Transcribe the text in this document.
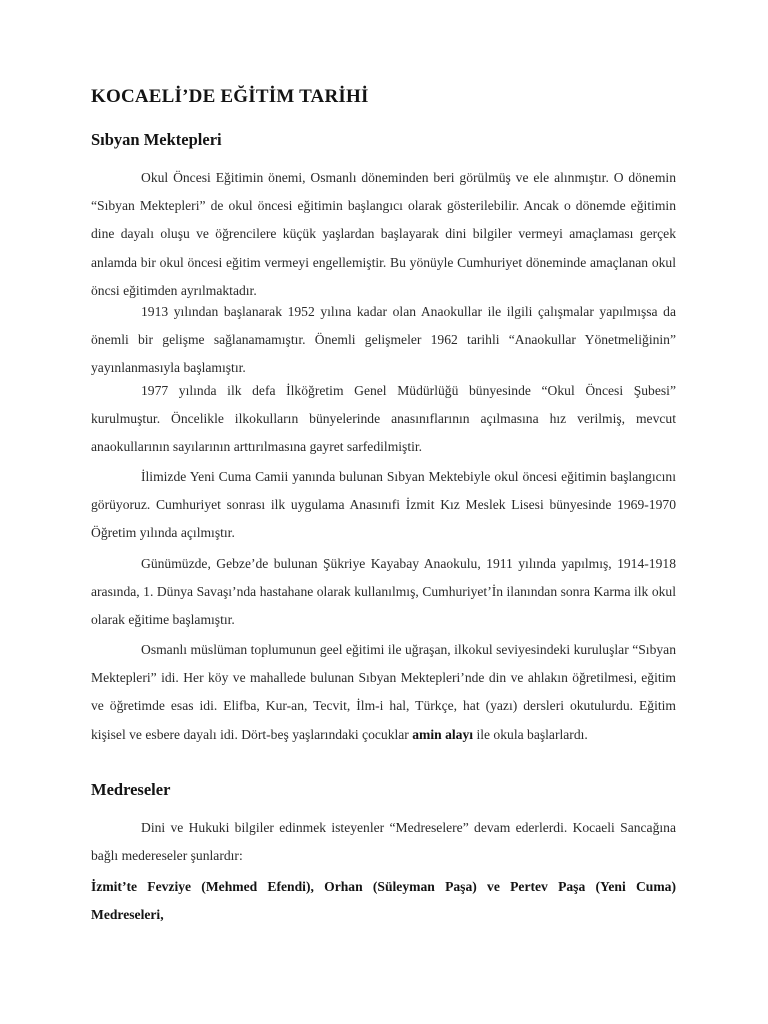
KOCAELİ’DE EĞİTİM TARİHİ
Sıbyan Mektepleri

Okul Öncesi Eğitimin önemi, Osmanlı döneminden beri görülmüş ve ele alınmıştır. O dönemin “Sıbyan Mektepleri” de okul öncesi eğitimin başlangıcı olarak gösterilebilir. Ancak o dönemde eğitimin dine dayalı oluşu ve öğrencilere küçük yaşlardan başlayarak dini bilgiler vermeyi amaçlaması gerçek anlamda bir okul öncesi eğitim vermeyi engellemiştir. Bu yönüyle Cumhuriyet döneminde amaçlanan okul öncsi eğitimden ayrılmaktadır.

1913 yılından başlanarak 1952 yılına kadar olan Anaokullar ile ilgili çalışmalar yapılmışsa da önemli bir gelişme sağlanamamıştır. Önemli gelişmeler 1962 tarihli “Anaokullar Yönetmeliğinin” yayınlanmasıyla başlamıştır.

1977 yılında ilk defa İlköğretim Genel Müdürlüğü bünyesinde “Okul Öncesi Şubesi” kurulmuştur. Öncelikle ilkokulların bünyelerinde anasınıflarının açılmasına hız verilmiş, mevcut anaokullarının sayılarının arttırılmasına gayret sarfedilmiştir.

İlimizde Yeni Cuma Camii yanında bulunan Sıbyan Mektebiyle okul öncesi eğitimin başlangıcını görüyoruz. Cumhuriyet sonrası ilk uygulama Anasınıfi İzmit Kız Meslek Lisesi bünyesinde 1969-1970 Öğretim yılında açılmıştır.

Günümüzde, Gebze’de bulunan Şükriye Kayabay Anaokulu, 1911 yılında yapılmış, 1914-1918 arasında, 1. Dünya Savaşı’nda hastahane olarak kullanılmış, Cumhuriyet’İn ilanından sonra Karma ilk okul olarak eğitime başlamıştır.

Osmanlı müslüman toplumunun geel eğitimi ile uğraşan, ilkokul seviyesindeki kuruluşlar “Sıbyan Mektepleri” idi. Her köy ve mahallede bulunan Sıbyan Mektepleri’nde din ve ahlakın öğretilmesi, eğitim ve öğretimde esas idi. Elifba, Kur-an, Tecvit, İlm-i hal, Türkçe, hat (yazı) dersleri okutulurdu. Eğitim kişisel ve esbere dayalı idi. Dört-beş yaşlarındaki çocuklar amin alayı ile okula başlarlardı.

Medreseler

Dini ve Hukuki bilgiler edinmek isteyenler “Medreselere” devam ederlerdi. Kocaeli Sancağına bağlı medereseler şunlardır:

İzmit’te Fevziye (Mehmed Efendi), Orhan (Süleyman Paşa) ve Pertev Paşa (Yeni Cuma) Medreseleri,
